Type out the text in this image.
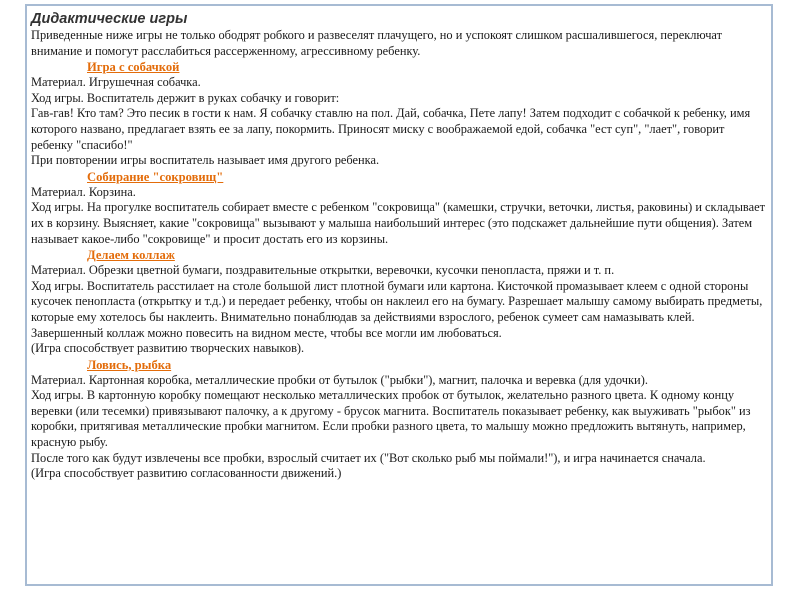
Дидактические игры

Приведенные ниже игры не только ободрят робкого и развеселят плачущего, но и успокоят слишком расшалившегося, переключат внимание и помогут расслабиться рассерженному, агрессивному ребенку.

Игра с собачкой

Материал. Игрушечная собачка.

Ход игры. Воспитатель держит в руках собачку и говорит:

Гав-гав! Кто там? Это песик в гости к нам. Я собачку ставлю на пол. Дай, собачка, Пете лапу! Затем подходит с собачкой к ребенку, имя которого названо, предлагает взять ее за лапу, покормить. Приносят миску с воображаемой едой, собачка "ест суп", "лает", говорит ребенку "спасибо!"

При повторении игры воспитатель называет имя другого ребенка.

Собирание "сокровищ"

Материал. Корзина.

Ход игры. На прогулке воспитатель собирает вместе с ребенком "сокровища" (камешки, стручки, веточки, листья, раковины) и складывает их в корзину. Выясняет, какие "сокровища" вызывают у малыша наибольший интерес (это подскажет дальнейшие пути общения). Затем называет какое-либо "сокровище" и просит достать его из корзины.

Делаем коллаж

Материал. Обрезки цветной бумаги, поздравительные открытки, веревочки, кусочки пенопласта, пряжи и т. п.

Ход игры. Воспитатель расстилает на столе большой лист плотной бумаги или картона. Кисточкой промазывает клеем с одной стороны кусочек пенопласта (открытку и т.д.) и передает ребенку, чтобы он наклеил его на бумагу. Разрешает малышу самому выбирать предметы, которые ему хотелось бы наклеить. Внимательно понаблюдав за действиями взрослого, ребенок сумеет сам намазывать клей. Завершенный коллаж можно повесить на видном месте, чтобы все могли им любоваться.

(Игра способствует развитию творческих навыков).

Ловись, рыбка

Материал. Картонная коробка, металлические пробки от бутылок ("рыбки"), магнит, палочка и веревка (для удочки).

Ход игры. В картонную коробку помещают несколько металлических пробок от бутылок, желательно разного цвета. К одному концу веревки (или тесемки) привязывают палочку, а к другому - брусок магнита. Воспитатель показывает ребенку, как выуживать "рыбок" из коробки, притягивая металлические пробки магнитом. Если пробки разного цвета, то малышу можно предложить вытянуть, например, красную рыбу.

После того как будут извлечены все пробки, взрослый считает их ("Вот сколько рыб мы поймали!"), и игра начинается сначала.

(Игра способствует развитию согласованности движений.)
